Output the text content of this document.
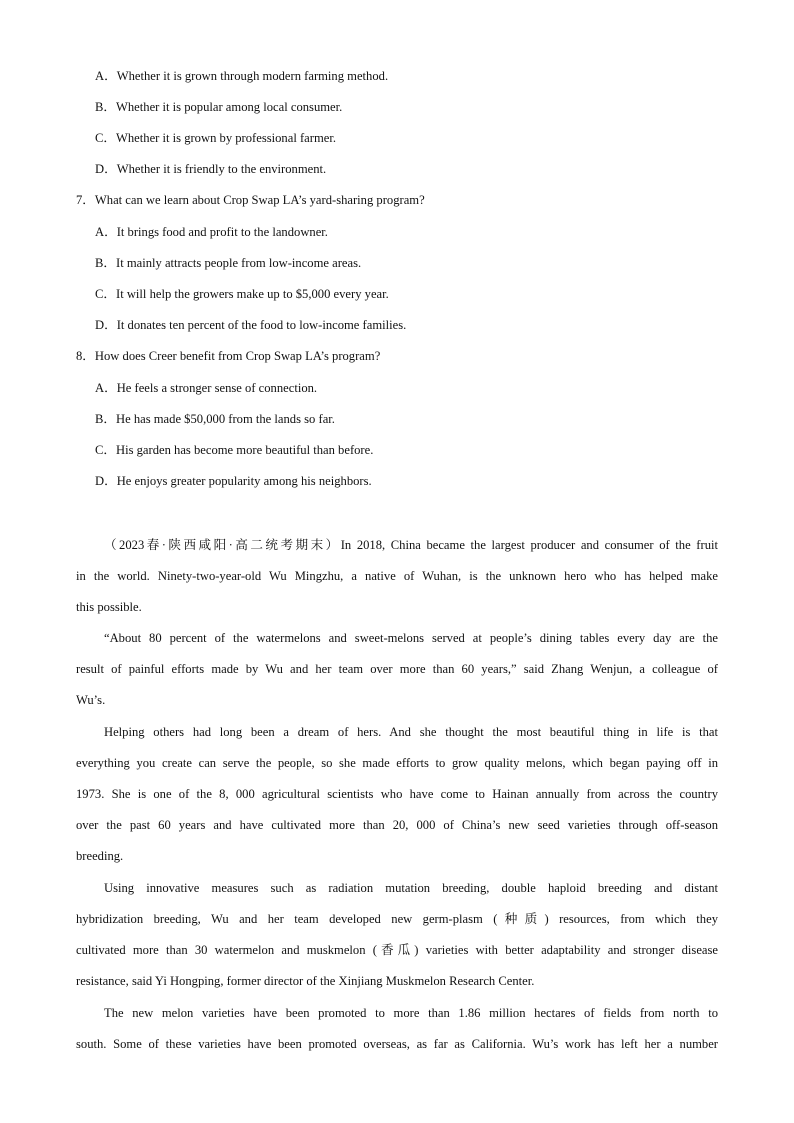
A．Whether it is grown through modern farming method.

B．Whether it is popular among local consumer.

C．Whether it is grown by professional farmer.

D．Whether it is friendly to the environment.

7．What can we learn about Crop Swap LA’s yard-sharing program?

A．It brings food and profit to the landowner.

B．It mainly attracts people from low-income areas.

C．It will help the growers make up to $5,000 every year.

D．It donates ten percent of the food to low-income families.

8．How does Creer benefit from Crop Swap LA’s program?

A．He feels a stronger sense of connection.

B．He has made $50,000 from the lands so far.

C．His garden has become more beautiful than before.

D．He enjoys greater popularity among his neighbors.

（2023春·陕西咸阳·高二统考期末）In 2018, China became the largest producer and consumer of the fruit

in the world. Ninety-two-year-old Wu Mingzhu, a native of Wuhan, is the unknown hero who has helped make

this possible.

“About 80 percent of the watermelons and sweet-melons served at people’s dining tables every day are the

result of painful efforts made by Wu and her team over more than 60 years,” said Zhang Wenjun, a colleague of

Wu’s.

Helping others had long been a dream of hers. And she thought the most beautiful thing in life is that

everything you create can serve the people, so she made efforts to grow quality melons, which began paying off in

1973. She is one of the 8, 000 agricultural scientists who have come to Hainan annually from across the country

over the past 60 years and have cultivated more than 20, 000 of China’s new seed varieties through off-season

breeding.

Using innovative measures such as radiation mutation breeding, double haploid breeding and distant

hybridization breeding, Wu and her team developed new germ-plasm (种质) resources, from which they

cultivated more than 30 watermelon and muskmelon (香瓜) varieties with better adaptability and stronger disease

resistance, said Yi Hongping, former director of the Xinjiang Muskmelon Research Center.

The new melon varieties have been promoted to more than 1.86 million hectares of fields from north to

south. Some of these varieties have been promoted overseas, as far as California. Wu’s work has left her a number
